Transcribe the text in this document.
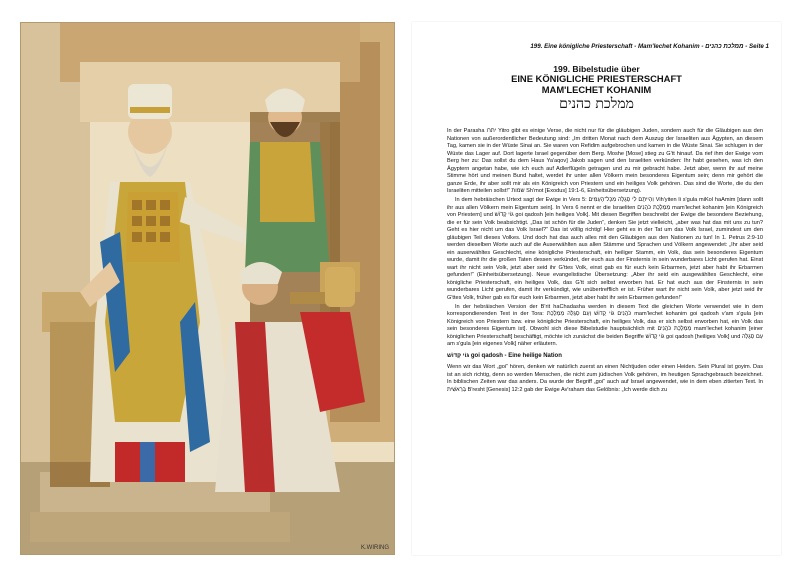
K.WIRING
199. Eine königliche Priesterschaft - Mam'lechet Kohanim - ממלכת כהנים - Seite 1
199. Bibelstudie über
EINE KÖNIGLICHE PRIESTERSCHAFT
MAM'LECHET KOHANIM
ממלכת כהנים

In der Parasha יתרו Yitro gibt es einige Verse, die nicht nur für die gläubigen Juden, sondern auch für die Gläubigen aus den Nationen von außerordentlicher Bedeutung sind: „Im dritten Monat nach dem Auszug der Israeliten aus Ägypten, an diesem Tag, kamen sie in der Wüste Sinai an. Sie waren von Refidim aufgebrochen und kamen in die Wüste Sinai. Sie schlugen in der Wüste das Lager auf. Dort lagerte Israel gegenüber dem Berg. Moshe [Mose] stieg zu G'tt hinauf. Da rief ihm der Ewige vom Berg her zu: Das sollst du dem Haus Ya'aqov] Jakob sagen und den Israeliten verkünden: Ihr habt gesehen, was ich den Ägyptern angetan habe, wie ich euch auf Adlerflügeln getragen und zu mir gebracht habe. Jetzt aber, wenn ihr auf meine Stimme hört und meinen Bund haltet, werdet ihr unter allen Völkern mein besonderes Eigentum sein; denn mir gehört die ganze Erde, ihr aber sollt mir als ein Königreich von Priestern und ein heiliges Volk gehören. Das sind die Worte, die du den Israeliten mitteilen sollst!“ שמות Sh'mot [Exodus] 19:1-6, Einheitsübersetzung).

In dem hebräischen Urtext sagt der Ewige in Vers 5: וִהְיִיתֶם לִי סְגֻלָּה מִכָּל־הָעַמִּים Vih'yiten li s'gula miKol haAmim [dann sollt ihr aus allen Völkern mein Eigentum sein]. In Vers 6 nennt er die Israeliten מַמְלֶכֶת כֹּהֲנִים mam'lechet kohanim [ein Königreich von Priestern] und גּוֹי קָדוֹשׁ goi qadosh [ein heiliges Volk]. Mit diesen Begriffen beschreibt der Ewige die besondere Beziehung, die er für sein Volk beabsichtigt. „Das ist schön für die Juden“, denken Sie jetzt vielleicht, „aber was hat das mit uns zu tun? Geht es hier nicht um das Volk Israel?“ Das ist völlig richtig! Hier geht es in der Tat um das Volk Israel, zumindest um den gläubigen Teil dieses Volkes. Und doch hat das auch alles mit den Gläubigen aus den Nationen zu tun! In 1. Petrus 2:9-10 werden dieselben Worte auch auf die Auserwählten aus allen Stämme und Sprachen und Völkern angewendet: „Ihr aber seid ein auserwähltes Geschlecht, eine königliche Priesterschaft, ein heiliger Stamm, ein Volk, das sein besonderes Eigentum wurde, damit ihr die großen Taten dessen verkündet, der euch aus der Finsternis in sein wunderbares Licht gerufen hat. Einst wart ihr nicht sein Volk, jetzt aber seid ihr G'ttes Volk, einst gab es für euch kein Erbarmen, jetzt aber habt ihr Erbarmen gefunden!“ (Einheitsübersetzung). Neue evangelistische Übersetzung: „Aber ihr seid ein ausgewähltes Geschlecht, eine königliche Priesterschaft, ein heiliges Volk, das G'tt sich selbst erworben hat. Er hat euch aus der Finsternis in sein wunderbares Licht gerufen, damit ihr verkündigt, wie unübertrefflich er ist. Früher wart ihr nicht sein Volk, aber jetzt seid ihr G'ttes Volk, früher gab es für euch kein Erbarmen, jetzt aber habt ihr sein Erbarmen gefunden!“

In der hebräischen Version der B'rit haChadasha werden in diesem Text die gleichen Worte verwendet wie in dem korrespondierenden Text in der Tora: כֹּהֲנִים גּוֹי קָדוֹשׁ וְעַם סְגֻלָּה מַמְלֶכֶת mam'lechet kohanim goi qadosh v'am s'gula [ein Königreich von Priestern bzw. eine königliche Priesterschaft, ein heiliges Volk, das er sich selbst erworben hat, ein Volk das sein besonderes Eigentum ist]. Obwohl sich diese Bibelstudie hauptsächlich mit מַמְלֶכֶת כֹּהֲנִים mam'lechet kohanim [einer königlichen Priesterschaft] beschäftigt, möchte ich zunächst die beiden Begriffe גּוֹי קָדוֹשׁ goi qadosh [heiliges Volk] und עַם סְגֻלָּה am s'gula [ein eigenes Volk] näher erläutern.

גּוֹי קָדוֹשׁ goi qadosh - Eine heilige Nation

Wenn wir das Wort „goi“ hören, denken wir natürlich zuerst an einen Nichtjuden oder einen Heiden. Sein Plural ist goyim. Das ist an sich richtig, denn so werden Menschen, die nicht zum jüdischen Volk gehören, im heutigen Sprachgebrauch bezeichnet. In biblischen Zeiten war das anders. Da wurde der Begriff „goi“ auch auf Israel angewendet, wie in dem eben zitierten Text. In בְּרֵאשִׁית B'resht [Genesis] 12:2 gab der Ewige Av'raham das Gelöbnis: „Ich werde dich zu
